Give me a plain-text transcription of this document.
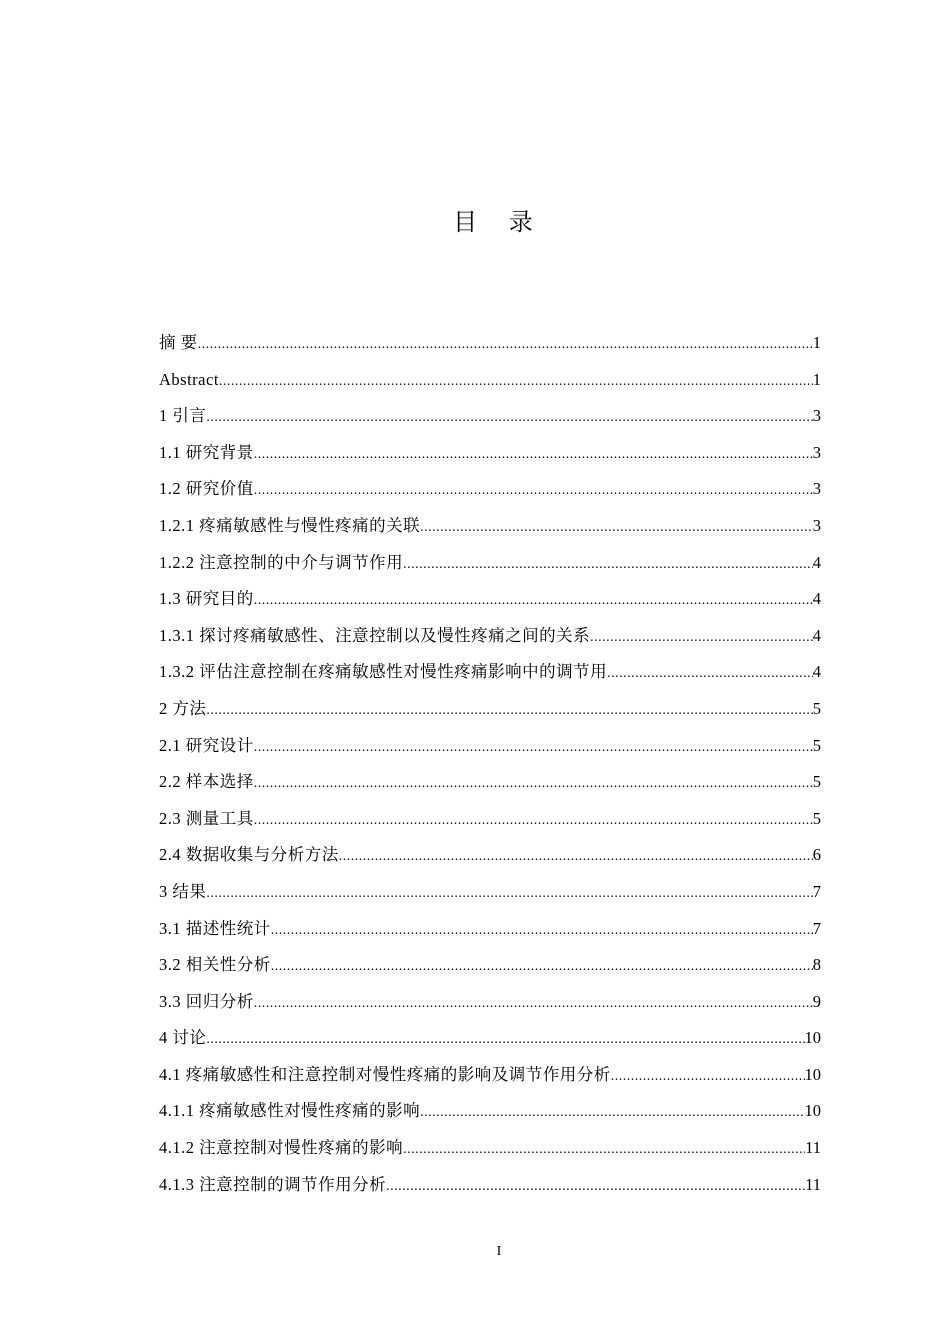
目 录
摘 要 .....	1
Abstract .....	1
1 引言 .....	3
1.1 研究背景 .....	3
1.2 研究价值 .....	3
1.2.1 疼痛敏感性与慢性疼痛的关联 .....	3
1.2.2 注意控制的中介与调节作用 .....	4
1.3 研究目的 .....	4
1.3.1 探讨疼痛敏感性、注意控制以及慢性疼痛之间的关系 .....	4
1.3.2 评估注意控制在疼痛敏感性对慢性疼痛影响中的调节用 .....	4
2 方法 .....	5
2.1 研究设计 .....	5
2.2 样本选择 .....	5
2.3 测量工具 .....	5
2.4 数据收集与分析方法 .....	6
3 结果 .....	7
3.1 描述性统计 .....	7
3.2 相关性分析 .....	8
3.3 回归分析 .....	9
4 讨论 .....	10
4.1 疼痛敏感性和注意控制对慢性疼痛的影响及调节作用分析 .....	10
4.1.1 疼痛敏感性对慢性疼痛的影响 .....	10
4.1.2 注意控制对慢性疼痛的影响 .....	11
4.1.3 注意控制的调节作用分析 .....	11
I
